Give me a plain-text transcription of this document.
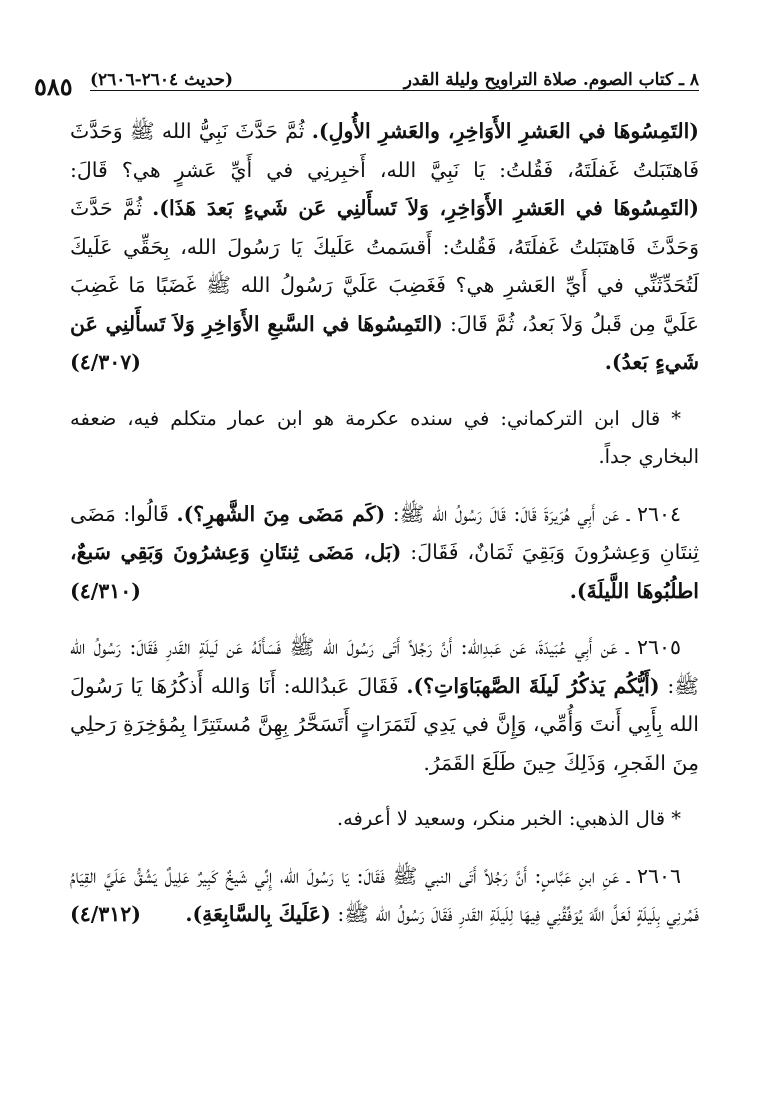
٥٨٥	٨ ـ كتاب الصوم. صلاة التراويح وليلة القدر
(حديث ٢٦٠٤-٢٦٠٦)

(التَمِسُوهَا في العَشرِ الأَوَاخِرِ، والعَشرِ الأُولِ). ثُمَّ حَدَّثَ نَبِيُّ الله ﷺ وَحَدَّثَ فَاهتَبَلتُ غَفلَتَهُ، فَقُلتُ: يَا نَبِيَّ الله، أَخبِرنِي في أَيِّ عَشرٍ هي؟ قَالَ: (التَمِسُوهَا في العَشرِ الأَوَاخِرِ، وَلاَ تَسأَلنِي عَن شَيءٍ بَعدَ هَذَا). ثُمَّ حَدَّثَ وَحَدَّثَ فَاهتَبَلتُ غَفلَتَهُ، فَقُلتُ: أَقسَمتُ عَلَيكَ يَا رَسُولَ الله، بِحَقِّي عَلَيكَ لَتُحَدِّثَنِّي في أَيِّ العَشرِ هي؟ فَغَضِبَ عَلَيَّ رَسُولُ الله ﷺ غَضَبًا مَا غَضِبَ عَلَيَّ مِن قَبلُ وَلاَ بَعدُ، ثُمَّ قَالَ: (التَمِسُوهَا في السَّبعِ الأَوَاخِرِ وَلاَ تَسأَلنِي عَن شَيءٍ بَعدُ).
(٤/٣٠٧)

* قال ابن التركماني: في سنده عكرمة هو ابن عمار متكلم فيه، ضعفه البخاري جداً.

٢٦٠٤ ـ عَن أَبِي هُرَيرَةَ قَالَ: قَالَ رَسُولُ الله ﷺ: (كَم مَضَى مِنَ الشَّهرِ؟). قَالُوا: مَضَى ثِنتَانِ وَعِشرُونَ وَبَقِيَ ثَمَانٌ، فَقَالَ: (بَل، مَضَى ثِنتَانِ وَعِشرُونَ وَبَقِي سَبعٌ، اطلُبُوهَا اللَّيلَةَ).
(٤/٣١٠)

٢٦٠٥ ـ عَن أَبِي عُبَيدَةَ، عَن عَبدِالله: أَنَّ رَجُلاً أَتَى رَسُولَ الله ﷺ فَسَأَلَهُ عَن لَيلَةِ القَدرِ فَقَالَ: رَسُولُ الله ﷺ: (أَيُّكُم يَذكُرُ لَيلَةَ الصَّهبَاوَاتِ؟). فَقَالَ عَبدُالله: أَنَا وَالله أَذكُرُهَا يَا رَسُولَ الله بِأَبِي أَنتَ وَأُمِّي، وَإِنَّ في يَدِي لَتَمَرَاتٍ أَتَسَحَّرُ بِهِنَّ مُستَتِرًا بِمُؤخِرَةِ رَحلِي مِنَ الفَجرِ، وَذَلِكَ حِينَ طَلَعَ القَمَرُ.

* قال الذهبي: الخبر منكر، وسعيد لا أعرفه.

٢٦٠٦ ـ عَنِ ابنِ عَبَّاسٍ: أَنَّ رَجُلاً أَتَى النبي ﷺ فَقَالَ: يَا رَسُولَ الله، إِنِّي شَيخٌ كَبِيرٌ عَلِيلٌ يَشُقُّ عَلَيَّ القِيَامُ فَمُرنِي بِلَيلَةٍ لَعَلَّ اللَّهَ يُوَفِّقُنِي فِيهَا لِلَيلَةِ القَدرِ فَقَالَ رَسُولُ الله ﷺ: (عَلَيكَ بِالسَّابِعَةِ).
(٤/٣١٢)
